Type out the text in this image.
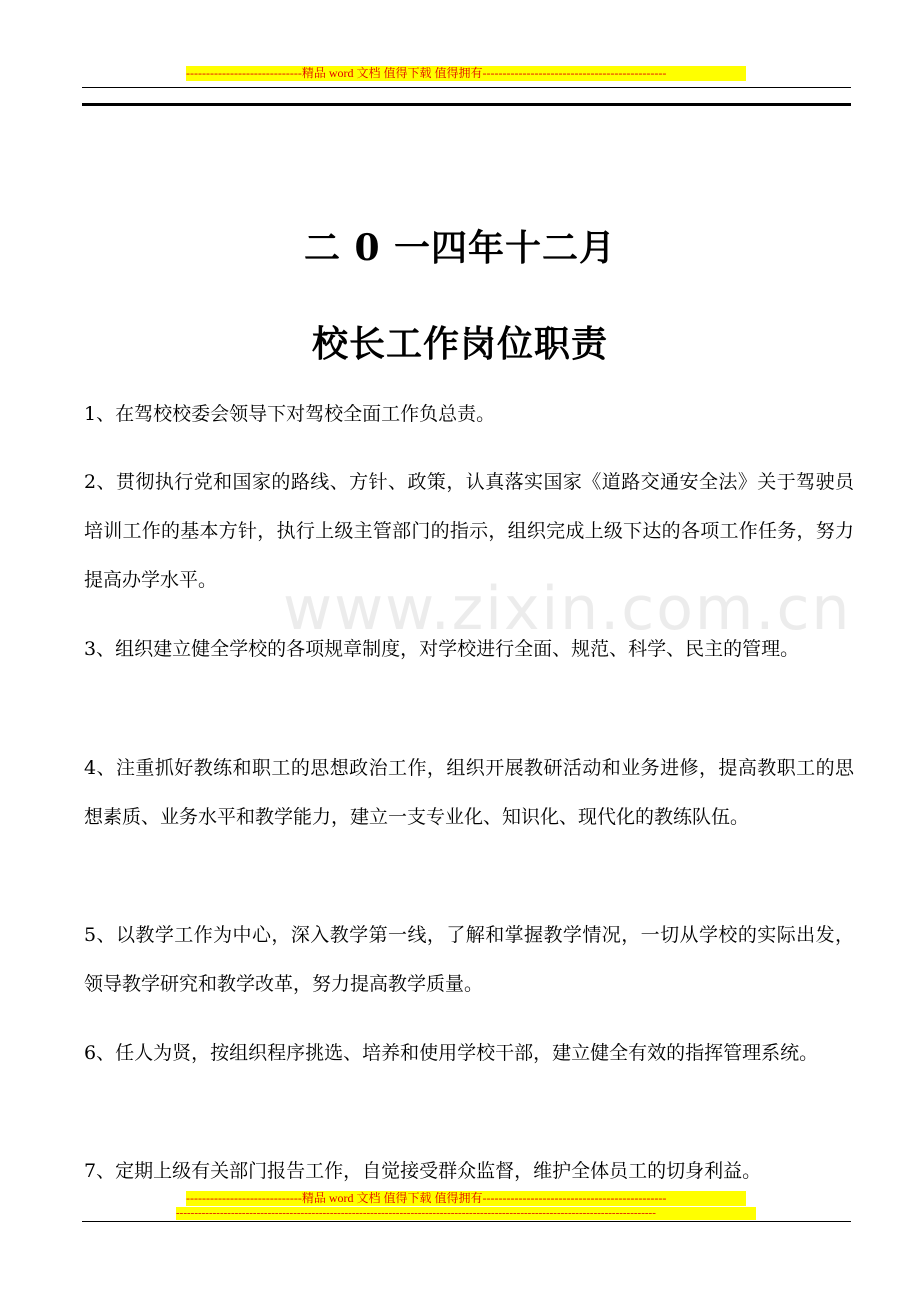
-----------------------------精品 word 文档 值得下载 值得拥有----------------------------------------------
www.zixin.com.cn
二 0 一四年十二月
校长工作岗位职责
1、在驾校校委会领导下对驾校全面工作负总责。
2、贯彻执行党和国家的路线、方针、政策，认真落实国家《道路交通安全法》关于驾驶员培训工作的基本方针，执行上级主管部门的指示，组织完成上级下达的各项工作任务，努力提高办学水平。
3、组织建立健全学校的各项规章制度，对学校进行全面、规范、科学、民主的管理。
4、注重抓好教练和职工的思想政治工作，组织开展教研活动和业务进修，提高教职工的思想素质、业务水平和教学能力，建立一支专业化、知识化、现代化的教练队伍。
5、以教学工作为中心，深入教学第一线，了解和掌握教学情况，一切从学校的实际出发，领导教学研究和教学改革，努力提高教学质量。
6、任人为贤，按组织程序挑选、培养和使用学校干部，建立健全有效的指挥管理系统。
7、定期上级有关部门报告工作，自觉接受群众监督，维护全体员工的切身利益。
-----------------------------精品 word 文档 值得下载 值得拥有----------------------------------------------
-----------------------------------------------------------------------------------------------------------------------------------
